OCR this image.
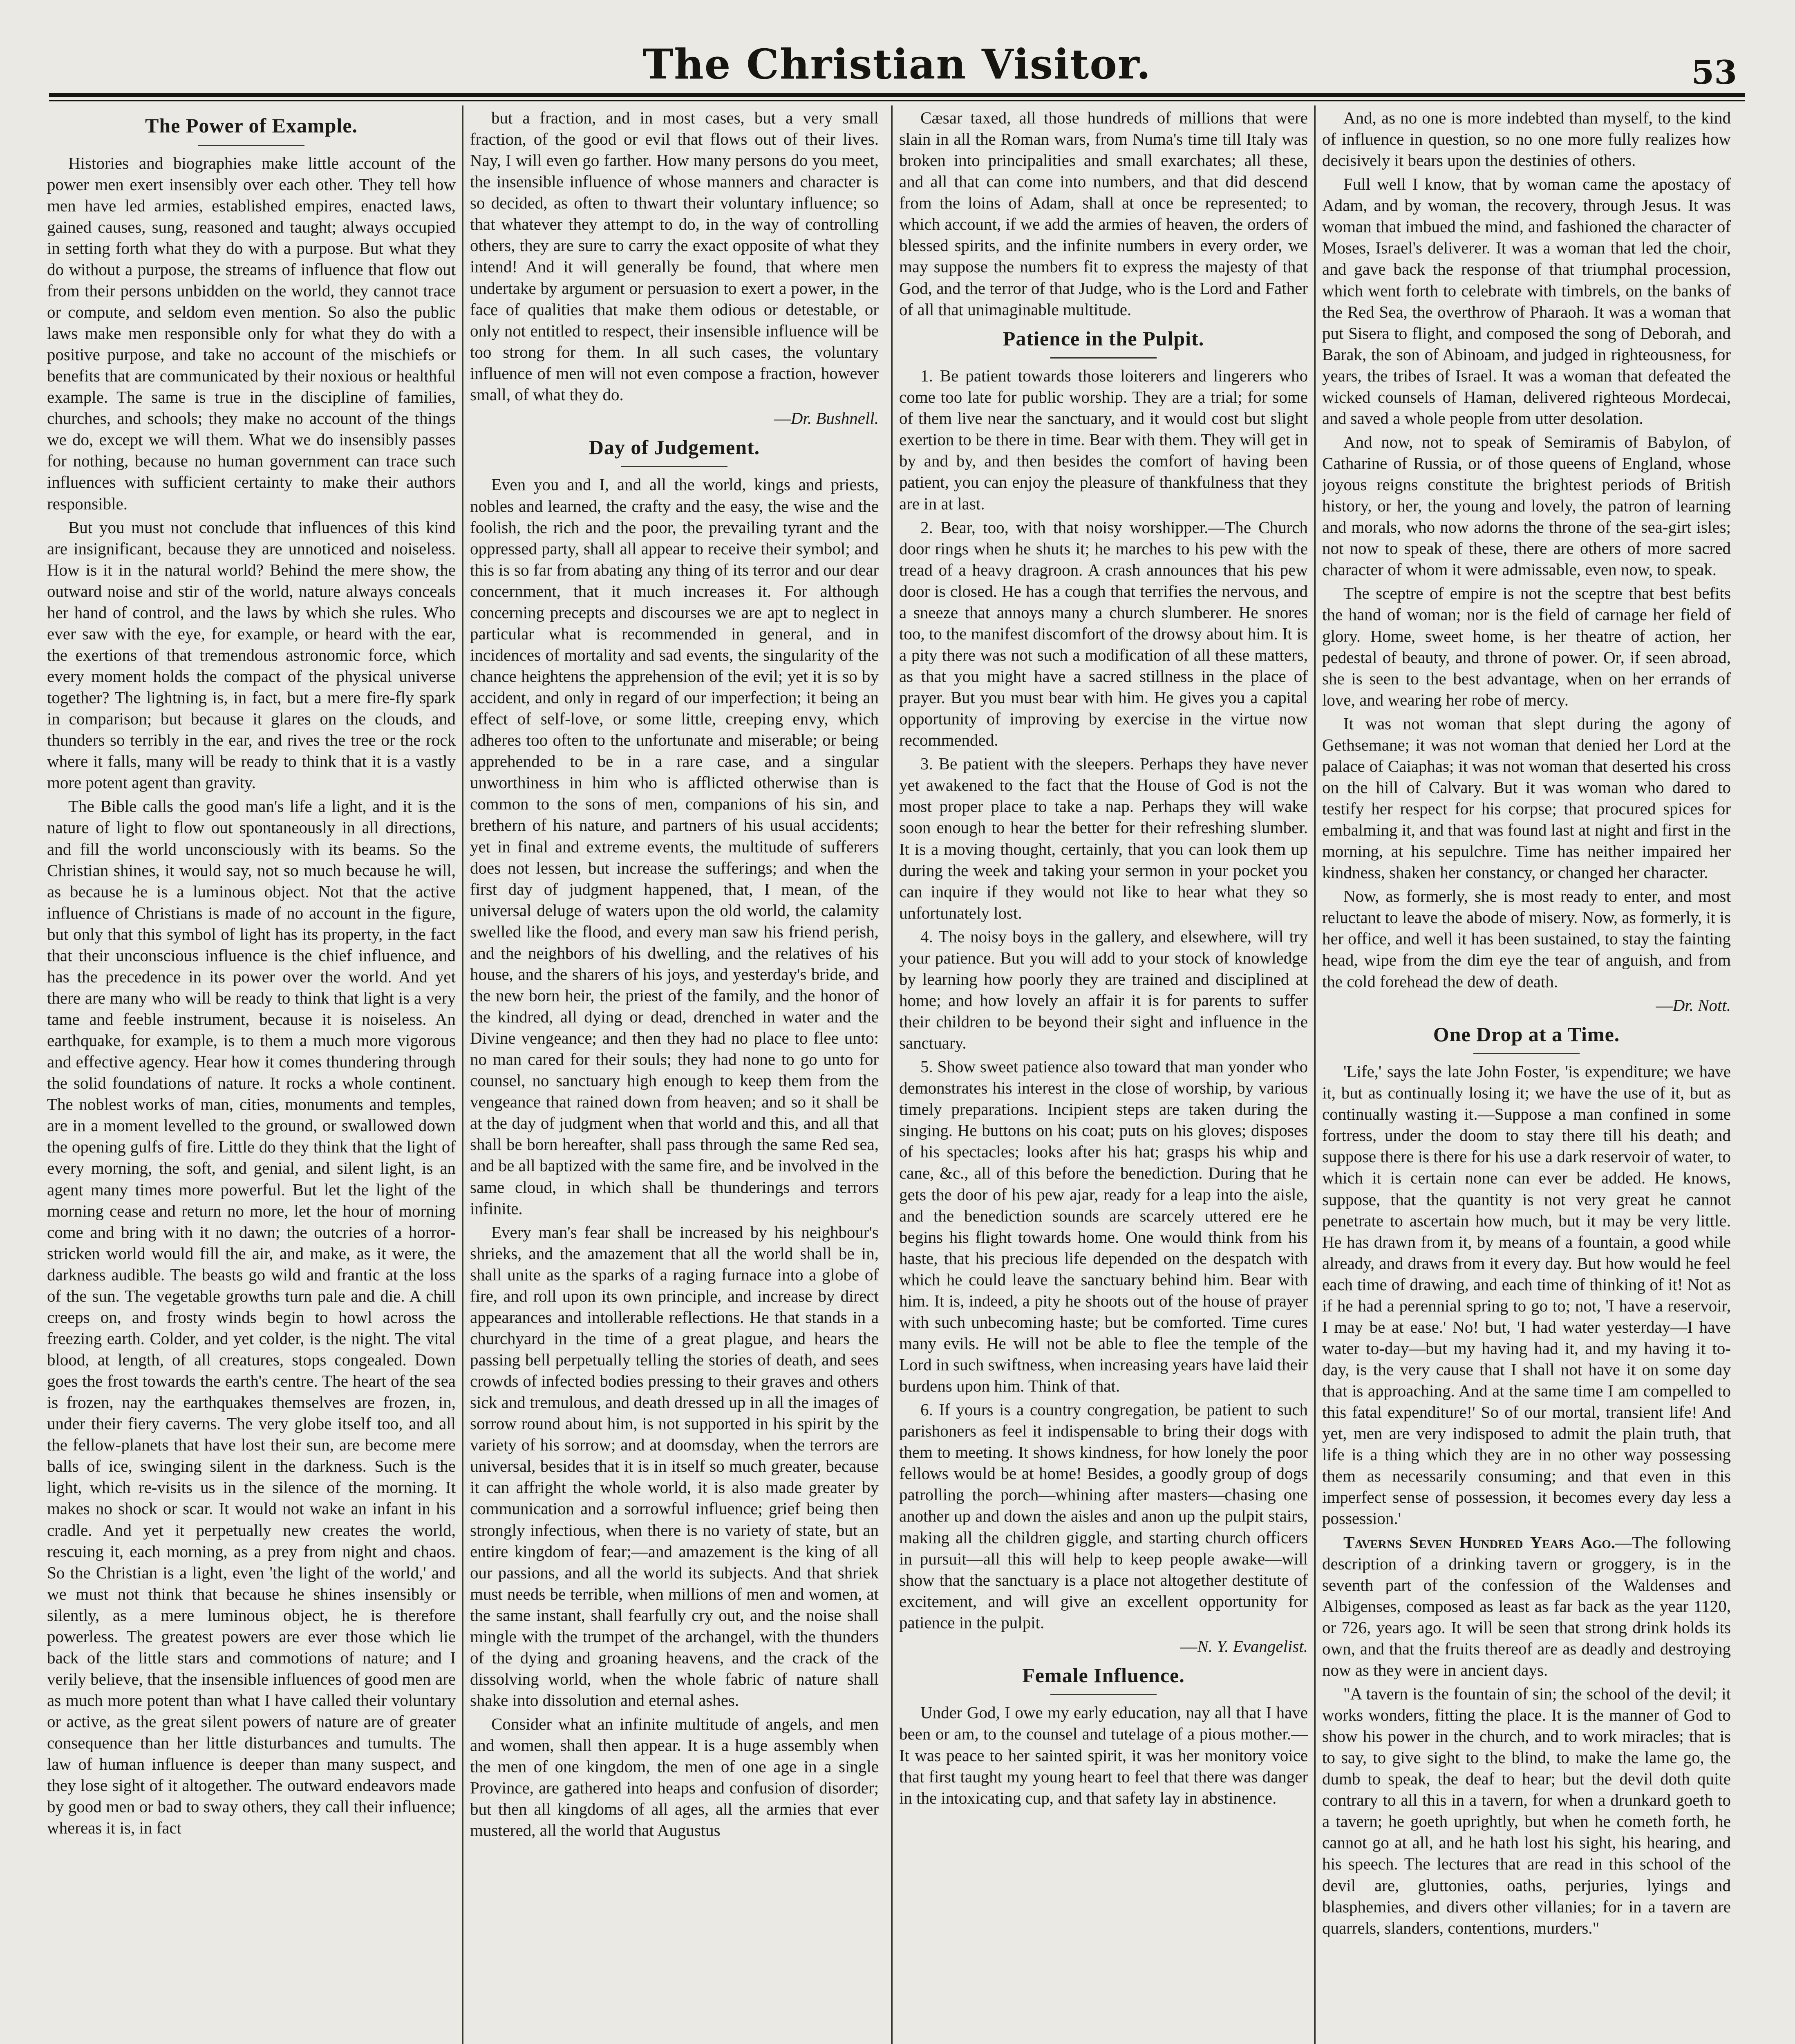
The Christian Visitor.	53
The Power of Example.

Histories and biographies make little account of the power men exert insensibly over each other. They tell how men have led armies, established empires, enacted laws, gained causes, sung, reasoned and taught; always occupied in setting forth what they do with a purpose. But what they do without a purpose, the streams of influence that flow out from their persons unbidden on the world, they cannot trace or compute, and seldom even mention. So also the public laws make men responsible only for what they do with a positive purpose, and take no account of the mischiefs or benefits that are communicated by their noxious or healthful example. The same is true in the discipline of families, churches, and schools; they make no account of the things we do, except we will them. What we do insensibly passes for nothing, because no human government can trace such influences with sufficient certainty to make their authors responsible.

But you must not conclude that influences of this kind are insignificant, because they are unnoticed and noiseless. How is it in the natural world? Behind the mere show, the outward noise and stir of the world, nature always conceals her hand of control, and the laws by which she rules. Who ever saw with the eye, for example, or heard with the ear, the exertions of that tremendous astronomic force, which every moment holds the compact of the physical universe together? The lightning is, in fact, but a mere fire-fly spark in comparison; but because it glares on the clouds, and thunders so terribly in the ear, and rives the tree or the rock where it falls, many will be ready to think that it is a vastly more potent agent than gravity.

The Bible calls the good man's life a light, and it is the nature of light to flow out spontaneously in all directions, and fill the world unconsciously with its beams. So the Christian shines, it would say, not so much because he will, as because he is a luminous object. Not that the active influence of Christians is made of no account in the figure, but only that this symbol of light has its property, in the fact that their unconscious influence is the chief influence, and has the precedence in its power over the world. And yet there are many who will be ready to think that light is a very tame and feeble instrument, because it is noiseless. An earthquake, for example, is to them a much more vigorous and effective agency. Hear how it comes thundering through the solid foundations of nature. It rocks a whole continent. The noblest works of man, cities, monuments and temples, are in a moment levelled to the ground, or swallowed down the opening gulfs of fire. Little do they think that the light of every morning, the soft, and genial, and silent light, is an agent many times more powerful. But let the light of the morning cease and return no more, let the hour of morning come and bring with it no dawn; the outcries of a horror-stricken world would fill the air, and make, as it were, the darkness audible. The beasts go wild and frantic at the loss of the sun. The vegetable growths turn pale and die. A chill creeps on, and frosty winds begin to howl across the freezing earth. Colder, and yet colder, is the night. The vital blood, at length, of all creatures, stops congealed. Down goes the frost towards the earth's centre. The heart of the sea is frozen, nay the earthquakes themselves are frozen, in, under their fiery caverns. The very globe itself too, and all the fellow-planets that have lost their sun, are become mere balls of ice, swinging silent in the darkness. Such is the light, which re-visits us in the silence of the morning. It makes no shock or scar. It would not wake an infant in his cradle. And yet it perpetually new creates the world, rescuing it, each morning, as a prey from night and chaos. So the Christian is a light, even 'the light of the world,' and we must not think that because he shines insensibly or silently, as a mere luminous object, he is therefore powerless. The greatest powers are ever those which lie back of the little stars and commotions of nature; and I verily believe, that the insensible influences of good men are as much more potent than what I have called their voluntary or active, as the great silent powers of nature are of greater consequence than her little disturbances and tumults. The law of human influence is deeper than many suspect, and they lose sight of it altogether. The outward endeavors made by good men or bad to sway others, they call their influence; whereas it is, in fact

but a fraction, and in most cases, but a very small fraction, of the good or evil that flows out of their lives. Nay, I will even go farther. How many persons do you meet, the insensible influence of whose manners and character is so decided, as often to thwart their voluntary influence; so that whatever they attempt to do, in the way of controlling others, they are sure to carry the exact opposite of what they intend! And it will generally be found, that where men undertake by argument or persuasion to exert a power, in the face of qualities that make them odious or detestable, or only not entitled to respect, their insensible influence will be too strong for them. In all such cases, the voluntary influence of men will not even compose a fraction, however small, of what they do.

—Dr. Bushnell.

Day of Judgement.

Even you and I, and all the world, kings and priests, nobles and learned, the crafty and the easy, the wise and the foolish, the rich and the poor, the prevailing tyrant and the oppressed party, shall all appear to receive their symbol; and this is so far from abating any thing of its terror and our dear concernment, that it much increases it. For although concerning precepts and discourses we are apt to neglect in particular what is recommended in general, and in incidences of mortality and sad events, the singularity of the chance heightens the apprehension of the evil; yet it is so by accident, and only in regard of our imperfection; it being an effect of self-love, or some little, creeping envy, which adheres too often to the unfortunate and miserable; or being apprehended to be in a rare case, and a singular unworthiness in him who is afflicted otherwise than is common to the sons of men, companions of his sin, and brethern of his nature, and partners of his usual accidents; yet in final and extreme events, the multitude of sufferers does not lessen, but increase the sufferings; and when the first day of judgment happened, that, I mean, of the universal deluge of waters upon the old world, the calamity swelled like the flood, and every man saw his friend perish, and the neighbors of his dwelling, and the relatives of his house, and the sharers of his joys, and yesterday's bride, and the new born heir, the priest of the family, and the honor of the kindred, all dying or dead, drenched in water and the Divine vengeance; and then they had no place to flee unto: no man cared for their souls; they had none to go unto for counsel, no sanctuary high enough to keep them from the vengeance that rained down from heaven; and so it shall be at the day of judgment when that world and this, and all that shall be born hereafter, shall pass through the same Red sea, and be all baptized with the same fire, and be involved in the same cloud, in which shall be thunderings and terrors infinite.

Every man's fear shall be increased by his neighbour's shrieks, and the amazement that all the world shall be in, shall unite as the sparks of a raging furnace into a globe of fire, and roll upon its own principle, and increase by direct appearances and intollerable reflections. He that stands in a churchyard in the time of a great plague, and hears the passing bell perpetually telling the stories of death, and sees crowds of infected bodies pressing to their graves and others sick and tremulous, and death dressed up in all the images of sorrow round about him, is not supported in his spirit by the variety of his sorrow; and at doomsday, when the terrors are universal, besides that it is in itself so much greater, because it can affright the whole world, it is also made greater by communication and a sorrowful influence; grief being then strongly infectious, when there is no variety of state, but an entire kingdom of fear;—and amazement is the king of all our passions, and all the world its subjects. And that shriek must needs be terrible, when millions of men and women, at the same instant, shall fearfully cry out, and the noise shall mingle with the trumpet of the archangel, with the thunders of the dying and groaning heavens, and the crack of the dissolving world, when the whole fabric of nature shall shake into dissolution and eternal ashes.

Consider what an infinite multitude of angels, and men and women, shall then appear. It is a huge assembly when the men of one kingdom, the men of one age in a single Province, are gathered into heaps and confusion of disorder; but then all kingdoms of all ages, all the armies that ever mustered, all the world that Augustus

Cæsar taxed, all those hundreds of millions that were slain in all the Roman wars, from Numa's time till Italy was broken into principalities and small exarchates; all these, and all that can come into numbers, and that did descend from the loins of Adam, shall at once be represented; to which account, if we add the armies of heaven, the orders of blessed spirits, and the infinite numbers in every order, we may suppose the numbers fit to express the majesty of that God, and the terror of that Judge, who is the Lord and Father of all that unimaginable multitude.

Patience in the Pulpit.

1. Be patient towards those loiterers and lingerers who come too late for public worship. They are a trial; for some of them live near the sanctuary, and it would cost but slight exertion to be there in time. Bear with them. They will get in by and by, and then besides the comfort of having been patient, you can enjoy the pleasure of thankfulness that they are in at last.

2. Bear, too, with that noisy worshipper.—The Church door rings when he shuts it; he marches to his pew with the tread of a heavy dragroon. A crash announces that his pew door is closed. He has a cough that terrifies the nervous, and a sneeze that annoys many a church slumberer. He snores too, to the manifest discomfort of the drowsy about him. It is a pity there was not such a modification of all these matters, as that you might have a sacred stillness in the place of prayer. But you must bear with him. He gives you a capital opportunity of improving by exercise in the virtue now recommended.

3. Be patient with the sleepers. Perhaps they have never yet awakened to the fact that the House of God is not the most proper place to take a nap. Perhaps they will wake soon enough to hear the better for their refreshing slumber. It is a moving thought, certainly, that you can look them up during the week and taking your sermon in your pocket you can inquire if they would not like to hear what they so unfortunately lost.

4. The noisy boys in the gallery, and elsewhere, will try your patience. But you will add to your stock of knowledge by learning how poorly they are trained and disciplined at home; and how lovely an affair it is for parents to suffer their children to be beyond their sight and influence in the sanctuary.

5. Show sweet patience also toward that man yonder who demonstrates his interest in the close of worship, by various timely preparations. Incipient steps are taken during the singing. He buttons on his coat; puts on his gloves; disposes of his spectacles; looks after his hat; grasps his whip and cane, &c., all of this before the benediction. During that he gets the door of his pew ajar, ready for a leap into the aisle, and the benediction sounds are scarcely uttered ere he begins his flight towards home. One would think from his haste, that his precious life depended on the despatch with which he could leave the sanctuary behind him. Bear with him. It is, indeed, a pity he shoots out of the house of prayer with such unbecoming haste; but be comforted. Time cures many evils. He will not be able to flee the temple of the Lord in such swiftness, when increasing years have laid their burdens upon him. Think of that.

6. If yours is a country congregation, be patient to such parishoners as feel it indispensable to bring their dogs with them to meeting. It shows kindness, for how lonely the poor fellows would be at home! Besides, a goodly group of dogs patrolling the porch—whining after masters—chasing one another up and down the aisles and anon up the pulpit stairs, making all the children giggle, and starting church officers in pursuit—all this will help to keep people awake—will show that the sanctuary is a place not altogether destitute of excitement, and will give an excellent opportunity for patience in the pulpit.

—N. Y. Evangelist.

Female Influence.

Under God, I owe my early education, nay all that I have been or am, to the counsel and tutelage of a pious mother.—It was peace to her sainted spirit, it was her monitory voice that first taught my young heart to feel that there was danger in the intoxicating cup, and that safety lay in abstinence.

And, as no one is more indebted than myself, to the kind of influence in question, so no one more fully realizes how decisively it bears upon the destinies of others.

Full well I know, that by woman came the apostacy of Adam, and by woman, the recovery, through Jesus. It was woman that imbued the mind, and fashioned the character of Moses, Israel's deliverer. It was a woman that led the choir, and gave back the response of that triumphal procession, which went forth to celebrate with timbrels, on the banks of the Red Sea, the overthrow of Pharaoh. It was a woman that put Sisera to flight, and composed the song of Deborah, and Barak, the son of Abinoam, and judged in righteousness, for years, the tribes of Israel. It was a woman that defeated the wicked counsels of Haman, delivered righteous Mordecai, and saved a whole people from utter desolation.

And now, not to speak of Semiramis of Babylon, of Catharine of Russia, or of those queens of England, whose joyous reigns constitute the brightest periods of British history, or her, the young and lovely, the patron of learning and morals, who now adorns the throne of the sea-girt isles; not now to speak of these, there are others of more sacred character of whom it were admissable, even now, to speak.

The sceptre of empire is not the sceptre that best befits the hand of woman; nor is the field of carnage her field of glory. Home, sweet home, is her theatre of action, her pedestal of beauty, and throne of power. Or, if seen abroad, she is seen to the best advantage, when on her errands of love, and wearing her robe of mercy.

It was not woman that slept during the agony of Gethsemane; it was not woman that denied her Lord at the palace of Caiaphas; it was not woman that deserted his cross on the hill of Calvary. But it was woman who dared to testify her respect for his corpse; that procured spices for embalming it, and that was found last at night and first in the morning, at his sepulchre. Time has neither impaired her kindness, shaken her constancy, or changed her character.

Now, as formerly, she is most ready to enter, and most reluctant to leave the abode of misery. Now, as formerly, it is her office, and well it has been sustained, to stay the fainting head, wipe from the dim eye the tear of anguish, and from the cold forehead the dew of death.

—Dr. Nott.

One Drop at a Time.

'Life,' says the late John Foster, 'is expenditure; we have it, but as continually losing it; we have the use of it, but as continually wasting it.—Suppose a man confined in some fortress, under the doom to stay there till his death; and suppose there is there for his use a dark reservoir of water, to which it is certain none can ever be added. He knows, suppose, that the quantity is not very great he cannot penetrate to ascertain how much, but it may be very little. He has drawn from it, by means of a fountain, a good while already, and draws from it every day. But how would he feel each time of drawing, and each time of thinking of it! Not as if he had a perennial spring to go to; not, 'I have a reservoir, I may be at ease.' No! but, 'I had water yesterday—I have water to-day—but my having had it, and my having it to-day, is the very cause that I shall not have it on some day that is approaching. And at the same time I am compelled to this fatal expenditure!' So of our mortal, transient life! And yet, men are very indisposed to admit the plain truth, that life is a thing which they are in no other way possessing them as necessarily consuming; and that even in this imperfect sense of possession, it becomes every day less a possession.'

Taverns Seven Hundred Years Ago.—The following description of a drinking tavern or groggery, is in the seventh part of the confession of the Waldenses and Albigenses, composed as least as far back as the year 1120, or 726, years ago. It will be seen that strong drink holds its own, and that the fruits thereof are as deadly and destroying now as they were in ancient days.

"A tavern is the fountain of sin; the school of the devil; it works wonders, fitting the place. It is the manner of God to show his power in the church, and to work miracles; that is to say, to give sight to the blind, to make the lame go, the dumb to speak, the deaf to hear; but the devil doth quite contrary to all this in a tavern, for when a drunkard goeth to a tavern; he goeth uprightly, but when he cometh forth, he cannot go at all, and he hath lost his sight, his hearing, and his speech. The lectures that are read in this school of the devil are, gluttonies, oaths, perjuries, lyings and blasphemies, and divers other villanies; for in a tavern are quarrels, slanders, contentions, murders."
